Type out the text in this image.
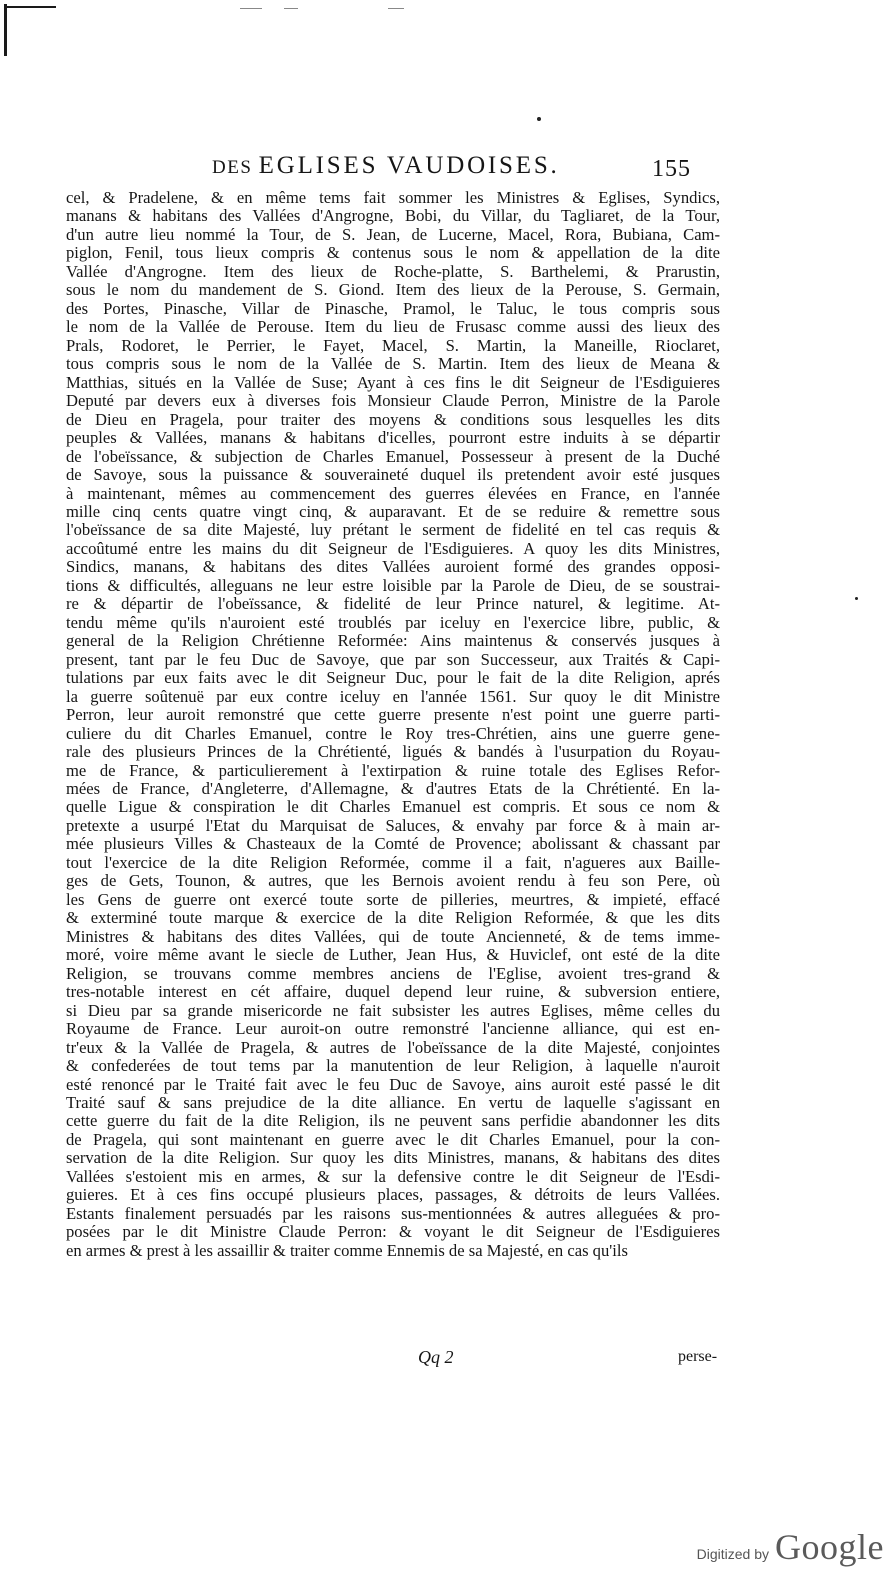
DES EGLISES VAUDOISES.	155
cel, & Pradelene, & en même tems fait sommer les Ministres & Eglises, Syndics,
manans & habitans des Vallées d'Angrogne, Bobi, du Villar, du Tagliaret, de la Tour,
d'un autre lieu nommé la Tour, de S. Jean, de Lucerne, Macel, Rora, Bubiana, Cam-
piglon, Fenil, tous lieux compris & contenus sous le nom & appellation de la dite
Vallée d'Angrogne. Item des lieux de Roche-platte, S. Barthelemi, & Prarustin,
sous le nom du mandement de S. Giond. Item des lieux de la Perouse, S. Germain,
des Portes, Pinasche, Villar de Pinasche, Pramol, le Taluc, le tous compris sous
le nom de la Vallée de Perouse. Item du lieu de Frusasc comme aussi des lieux des
Prals, Rodoret, le Perrier, le Fayet, Macel, S. Martin, la Maneille, Rioclaret,
tous compris sous le nom de la Vallée de S. Martin. Item des lieux de Meana &
Matthias, situés en la Vallée de Suse; Ayant à ces fins le dit Seigneur de l'Esdiguieres
Deputé par devers eux à diverses fois Monsieur Claude Perron, Ministre de la Parole
de Dieu en Pragela, pour traiter des moyens & conditions sous lesquelles les dits
peuples & Vallées, manans & habitans d'icelles, pourront estre induits à se départir
de l'obeïssance, & subjection de Charles Emanuel, Possesseur à present de la Duché
de Savoye, sous la puissance & souveraineté duquel ils pretendent avoir esté jusques
à maintenant, mêmes au commencement des guerres élevées en France, en l'année
mille cinq cents quatre vingt cinq, & auparavant. Et de se reduire & remettre sous
l'obeïssance de sa dite Majesté, luy prétant le serment de fidelité en tel cas requis &
accoûtumé entre les mains du dit Seigneur de l'Esdiguieres. A quoy les dits Ministres,
Sindics, manans, & habitans des dites Vallées auroient formé des grandes opposi-
tions & difficultés, alleguans ne leur estre loisible par la Parole de Dieu, de se soustrai-
re & départir de l'obeïssance, & fidelité de leur Prince naturel, & legitime. At-
tendu même qu'ils n'auroient esté troublés par iceluy en l'exercice libre, public, &
general de la Religion Chrétienne Reformée: Ains maintenus & conservés jusques à
present, tant par le feu Duc de Savoye, que par son Successeur, aux Traités & Capi-
tulations par eux faits avec le dit Seigneur Duc, pour le fait de la dite Religion, aprés
la guerre soûtenuë par eux contre iceluy en l'année 1561. Sur quoy le dit Ministre
Perron, leur auroit remonstré que cette guerre presente n'est point une guerre parti-
culiere du dit Charles Emanuel, contre le Roy tres-Chrétien, ains une guerre gene-
rale des plusieurs Princes de la Chrétienté, ligués & bandés à l'usurpation du Royau-
me de France, & particulierement à l'extirpation & ruine totale des Eglises Refor-
mées de France, d'Angleterre, d'Allemagne, & d'autres Etats de la Chrétienté. En la-
quelle Ligue & conspiration le dit Charles Emanuel est compris. Et sous ce nom &
pretexte a usurpé l'Etat du Marquisat de Saluces, & envahy par force & à main ar-
mée plusieurs Villes & Chasteaux de la Comté de Provence; abolissant & chassant par
tout l'exercice de la dite Religion Reformée, comme il a fait, n'agueres aux Baille-
ges de Gets, Tounon, & autres, que les Bernois avoient rendu à feu son Pere, où
les Gens de guerre ont exercé toute sorte de pilleries, meurtres, & impieté, effacé
& exterminé toute marque & exercice de la dite Religion Reformée, & que les dits
Ministres & habitans des dites Vallées, qui de toute Ancienneté, & de tems imme-
moré, voire même avant le siecle de Luther, Jean Hus, & Huviclef, ont esté de la dite
Religion, se trouvans comme membres anciens de l'Eglise, avoient tres-grand &
tres-notable interest en cét affaire, duquel depend leur ruine, & subversion entiere,
si Dieu par sa grande misericorde ne fait subsister les autres Eglises, même celles du
Royaume de France. Leur auroit-on outre remonstré l'ancienne alliance, qui est en-
tr'eux & la Vallée de Pragela, & autres de l'obeïssance de la dite Majesté, conjointes
& confederées de tout tems par la manutention de leur Religion, à laquelle n'auroit
esté renoncé par le Traité fait avec le feu Duc de Savoye, ains auroit esté passé le dit
Traité sauf & sans prejudice de la dite alliance. En vertu de laquelle s'agissant en
cette guerre du fait de la dite Religion, ils ne peuvent sans perfidie abandonner les dits
de Pragela, qui sont maintenant en guerre avec le dit Charles Emanuel, pour la con-
servation de la dite Religion. Sur quoy les dits Ministres, manans, & habitans des dites
Vallées s'estoient mis en armes, & sur la defensive contre le dit Seigneur de l'Esdi-
guieres. Et à ces fins occupé plusieurs places, passages, & détroits de leurs Vallées.
Estants finalement persuadés par les raisons sus-mentionnées & autres alleguées & pro-
posées par le dit Ministre Claude Perron: & voyant le dit Seigneur de l'Esdiguieres
en armes & prest à les assaillir & traiter comme Ennemis de sa Majesté, en cas qu'ils
Qq 2	perse-
Digitized by Google
